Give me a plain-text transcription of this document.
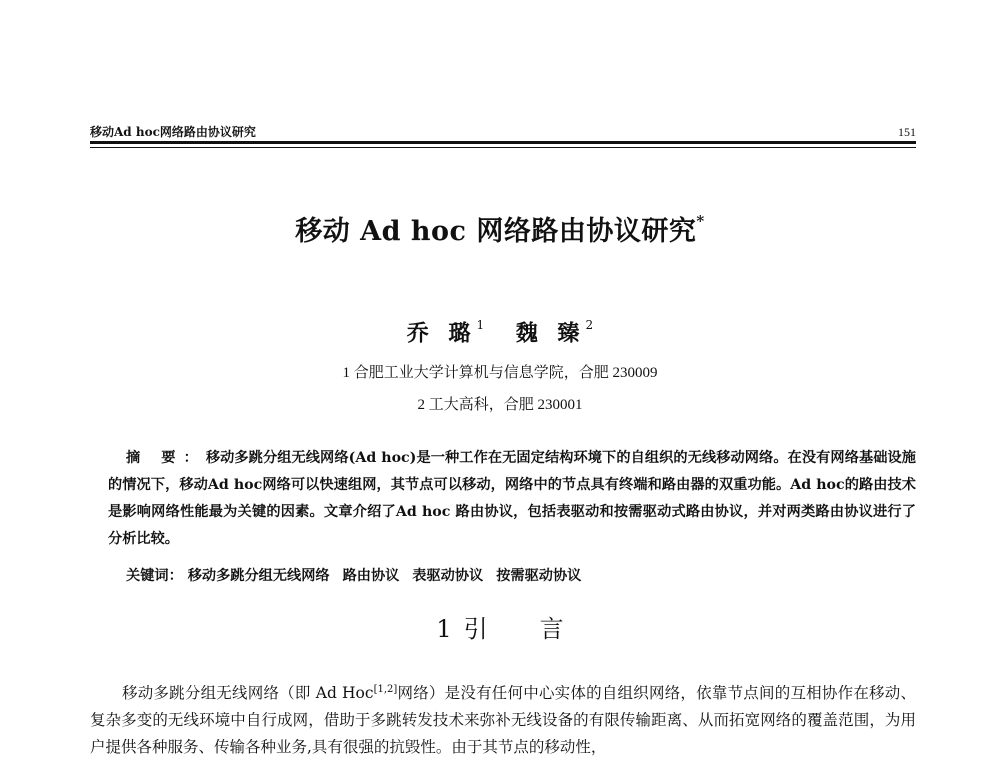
移动Ad hoc网络路由协议研究	151
移动 Ad hoc 网络路由协议研究*
乔 璐$^1$ 魏 臻$^2$
1 合肥工业大学计算机与信息学院，合肥 230009
2 工大高科，合肥 230001
摘 要：移动多跳分组无线网络(Ad hoc)是一种工作在无固定结构环境下的自组织的无线移动网络。在没有网络基础设施的情况下，移动Ad hoc网络可以快速组网，其节点可以移动，网络中的节点具有终端和路由器的双重功能。Ad hoc的路由技术是影响网络性能最为关键的因素。文章介绍了Ad hoc 路由协议，包括表驱动和按需驱动式路由协议，并对两类路由协议进行了分析比较。
关键词： 移动多跳分组无线网络 路由协议 表驱动协议 按需驱动协议
1 引 言

移动多跳分组无线网络（即 Ad Hoc[1,2]网络）是没有任何中心实体的自组织网络，依靠节点间的互相协作在移动、复杂多变的无线环境中自行成网，借助于多跳转发技术来弥补无线设备的有限传输距离、从而拓宽网络的覆盖范围，为用户提供各种服务、传输各种业务,具有很强的抗毁性。由于其节点的移动性，
